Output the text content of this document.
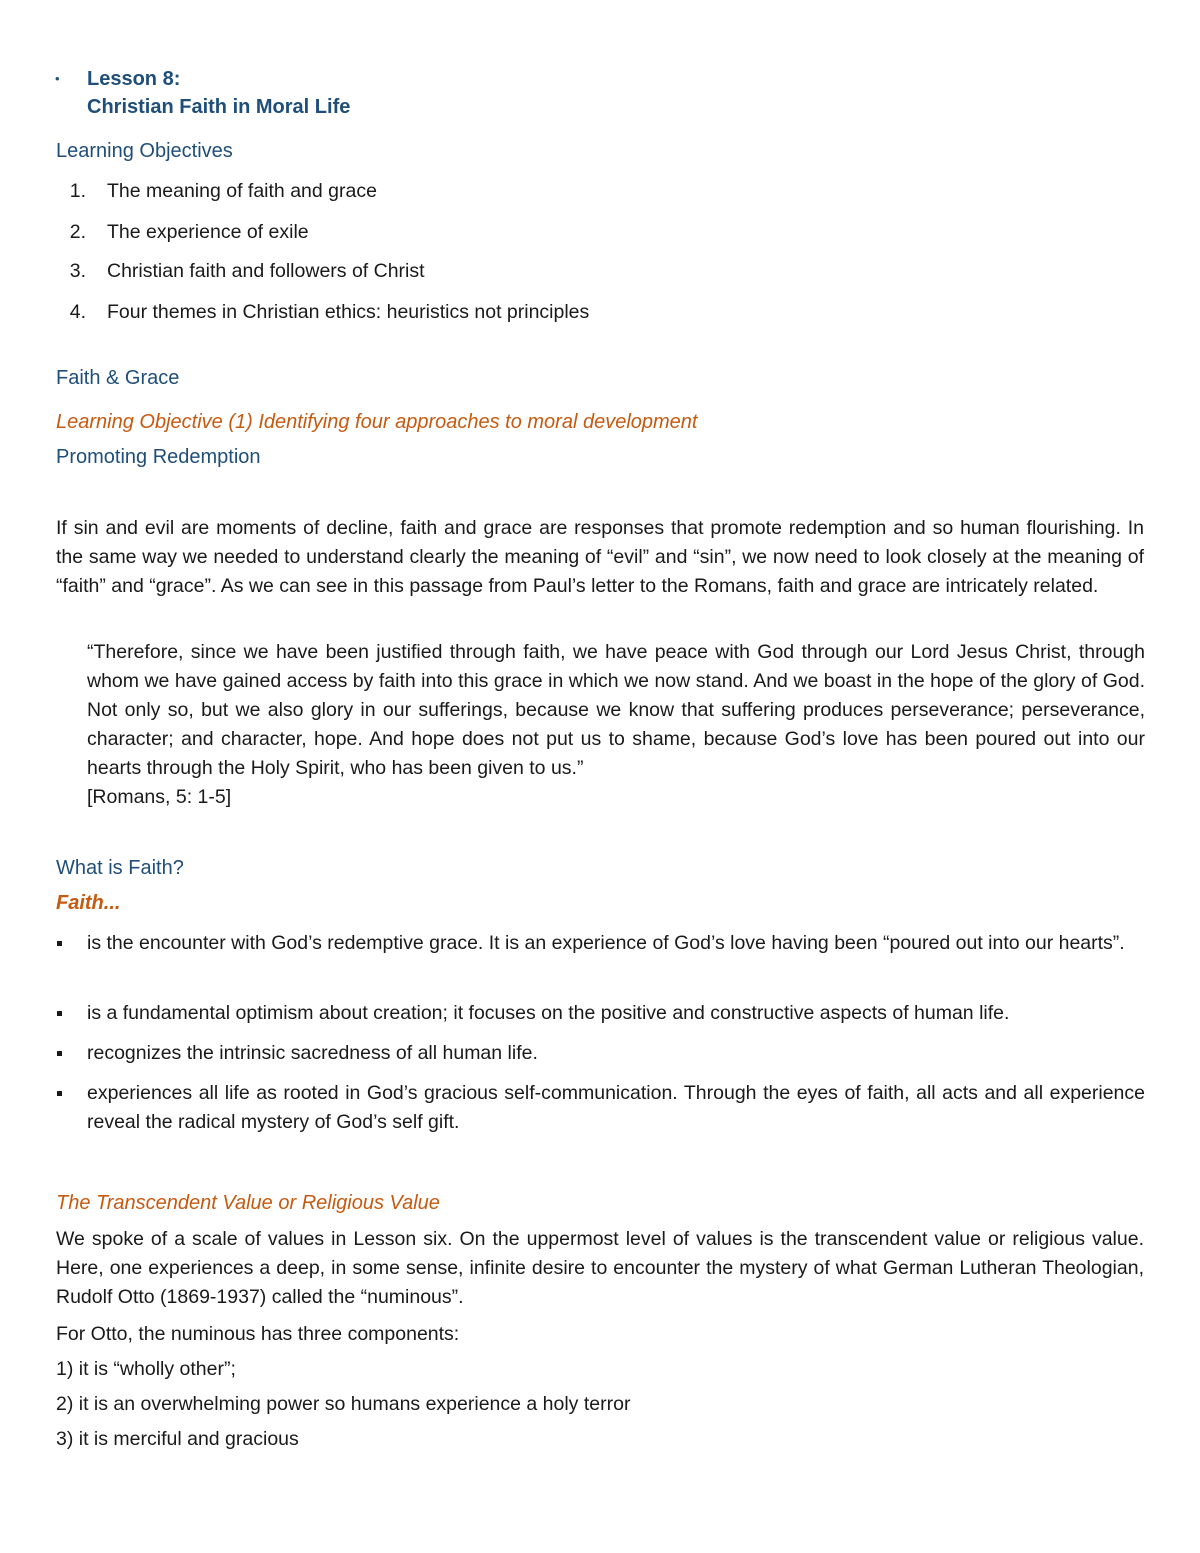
• Lesson 8:
Christian Faith in Moral Life
Learning Objectives
1. The meaning of faith and grace
2. The experience of exile
3. Christian faith and followers of Christ
4. Four themes in Christian ethics: heuristics not principles
Faith & Grace
Learning Objective (1) Identifying four approaches to moral development
Promoting Redemption

If sin and evil are moments of decline, faith and grace are responses that promote redemption and so human flourishing. In the same way we needed to understand clearly the meaning of “evil” and “sin”, we now need to look closely at the meaning of “faith” and “grace”. As we can see in this passage from Paul’s letter to the Romans, faith and grace are intricately related.

“Therefore, since we have been justified through faith, we have peace with God through our Lord Jesus Christ, through whom we have gained access by faith into this grace in which we now stand. And we boast in the hope of the glory of God. Not only so, but we also glory in our sufferings, because we know that suffering produces perseverance; perseverance, character; and character, hope. And hope does not put us to shame, because God’s love has been poured out into our hearts through the Holy Spirit, who has been given to us.”

[Romans, 5: 1-5]
What is Faith?
Faith...

is the encounter with God’s redemptive grace. It is an experience of God’s love having been “poured out into our hearts”.

is a fundamental optimism about creation; it focuses on the positive and constructive aspects of human life.

recognizes the intrinsic sacredness of all human life.

experiences all life as rooted in God’s gracious self-communication. Through the eyes of faith, all acts and all experience reveal the radical mystery of God’s self gift.

The Transcendent Value or Religious Value

We spoke of a scale of values in Lesson six. On the uppermost level of values is the transcendent value or religious value. Here, one experiences a deep, in some sense, infinite desire to encounter the mystery of what German Lutheran Theologian, Rudolf Otto (1869-1937) called the “numinous”.

For Otto, the numinous has three components:
1) it is “wholly other”;
2) it is an overwhelming power so humans experience a holy terror
3) it is merciful and gracious
